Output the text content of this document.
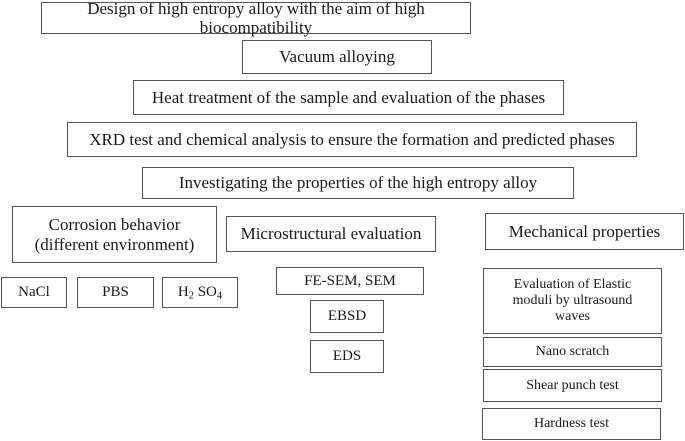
Design of high entropy alloy with the aim of high biocompatibility
Vacuum alloying
Heat treatment of the sample and evaluation of the phases
XRD test and chemical analysis to ensure the formation and predicted phases
Investigating the properties of the high entropy alloy
Corrosion behavior
(different environment)
NaCl	PBS	$H_2$ $SO_4$
Microstructural evaluation
FE-SEM, SEM
EBSD
EDS
Mechanical properties
Evaluation of Elastic
moduli by ultrasound
waves
Nano scratch
Shear punch test
Hardness test
